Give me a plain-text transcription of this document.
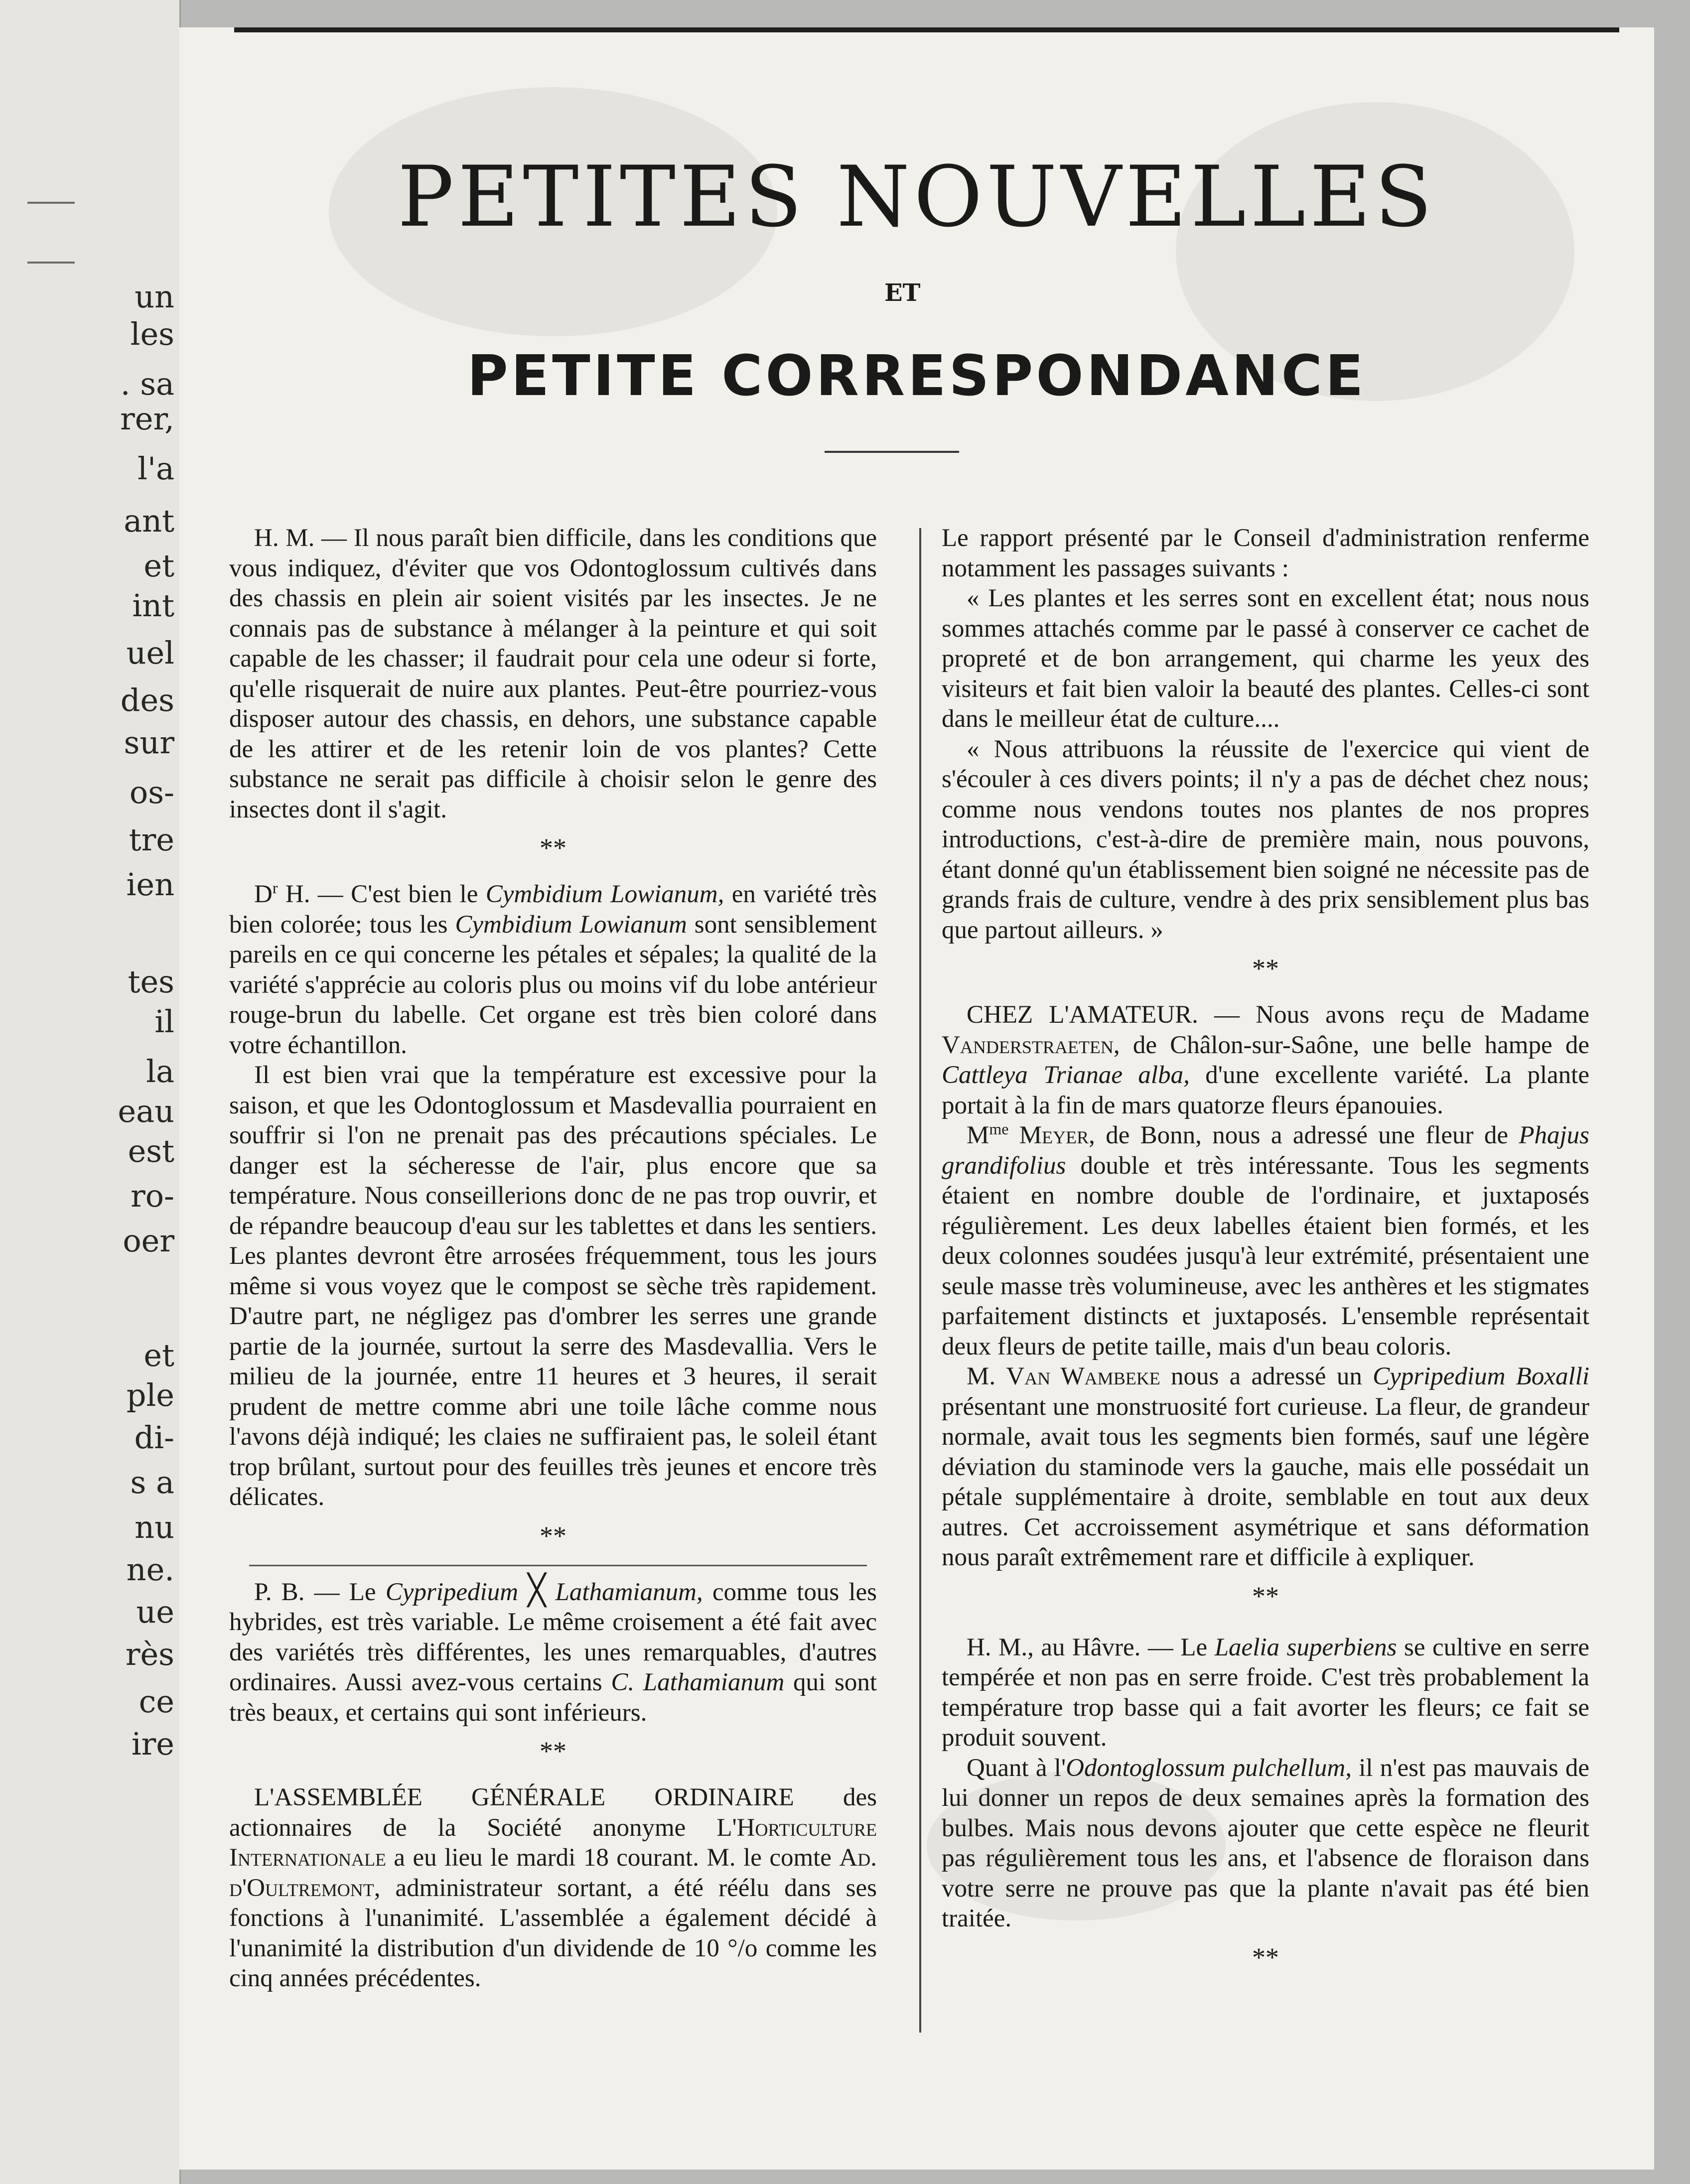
un
les
. sa
rer,
l'a
ant
et
int
uel
des
sur
os-
tre
ien
tes
il
la
eau
est
ro-
oer
et
ple
di-
s a
nu
ne.
ue
rès
ce
ire
PETITES NOUVELLES
ET
PETITE CORRESPONDANCE

H. M. — Il nous paraît bien difficile, dans les conditions que vous indiquez, d'éviter que vos Odontoglossum cultivés dans des chassis en plein air soient visités par les insectes. Je ne connais pas de substance à mélanger à la peinture et qui soit capable de les chasser; il faudrait pour cela une odeur si forte, qu'elle risquerait de nuire aux plantes. Peut-être pourriez-vous disposer autour des chassis, en dehors, une substance capable de les attirer et de les retenir loin de vos plantes? Cette substance ne serait pas difficile à choisir selon le genre des insectes dont il s'agit.

**

$D^r$ H. — C'est bien le Cymbidium Lowianum, en variété très bien colorée; tous les Cymbidium Lowianum sont sensiblement pareils en ce qui concerne les pétales et sépales; la qualité de la variété s'apprécie au coloris plus ou moins vif du lobe antérieur rouge-brun du labelle. Cet organe est très bien coloré dans votre échantillon.

Il est bien vrai que la température est excessive pour la saison, et que les Odontoglossum et Masdevallia pourraient en souffrir si l'on ne prenait pas des précautions spéciales. Le danger est la sécheresse de l'air, plus encore que sa température. Nous conseillerions donc de ne pas trop ouvrir, et de répandre beaucoup d'eau sur les tablettes et dans les sentiers. Les plantes devront être arrosées fréquemment, tous les jours même si vous voyez que le compost se sèche très rapidement. D'autre part, ne négligez pas d'ombrer les serres une grande partie de la journée, surtout la serre des Masdevallia. Vers le milieu de la journée, entre 11 heures et 3 heures, il serait prudent de mettre comme abri une toile lâche comme nous l'avons déjà indiqué; les claies ne suffiraient pas, le soleil étant trop brûlant, surtout pour des feuilles très jeunes et encore très délicates.

**

P. B. — Le Cypripedium ╳ Lathamianum, comme tous les hybrides, est très variable. Le même croisement a été fait avec des variétés très différentes, les unes remarquables, d'autres ordinaires. Aussi avez-vous certains C. Lathamianum qui sont très beaux, et certains qui sont inférieurs.

**

L'ASSEMBLÉE GÉNÉRALE ORDINAIRE des actionnaires de la Société anonyme L'Horticulture Internationale a eu lieu le mardi 18 courant. M. le comte Ad. d'Oultremont, administrateur sortant, a été réélu dans ses fonctions à l'unanimité. L'assemblée a également décidé à l'unanimité la distribution d'un dividende de 10 °/o comme les cinq années précédentes.

Le rapport présenté par le Conseil d'administration renferme notamment les passages suivants :

« Les plantes et les serres sont en excellent état; nous nous sommes attachés comme par le passé à conserver ce cachet de propreté et de bon arrangement, qui charme les yeux des visiteurs et fait bien valoir la beauté des plantes. Celles-ci sont dans le meilleur état de culture....

« Nous attribuons la réussite de l'exercice qui vient de s'écouler à ces divers points; il n'y a pas de déchet chez nous; comme nous vendons toutes nos plantes de nos propres introductions, c'est-à-dire de première main, nous pouvons, étant donné qu'un établissement bien soigné ne nécessite pas de grands frais de culture, vendre à des prix sensiblement plus bas que partout ailleurs. »

**

CHEZ L'AMATEUR. — Nous avons reçu de Madame Vanderstraeten, de Châlon-sur-Saône, une belle hampe de Cattleya Trianae alba, d'une excellente variété. La plante portait à la fin de mars quatorze fleurs épanouies.

$M^{me}$ Meyer, de Bonn, nous a adressé une fleur de Phajus grandifolius double et très intéressante. Tous les segments étaient en nombre double de l'ordinaire, et juxtaposés régulièrement. Les deux labelles étaient bien formés, et les deux colonnes soudées jusqu'à leur extrémité, présentaient une seule masse très volumineuse, avec les anthères et les stigmates parfaitement distincts et juxtaposés. L'ensemble représentait deux fleurs de petite taille, mais d'un beau coloris.

M. Van Wambeke nous a adressé un Cypripedium Boxalli présentant une monstruosité fort curieuse. La fleur, de grandeur normale, avait tous les segments bien formés, sauf une légère déviation du staminode vers la gauche, mais elle possédait un pétale supplémentaire à droite, semblable en tout aux deux autres. Cet accroissement asymétrique et sans déformation nous paraît extrêmement rare et difficile à expliquer.

**

H. M., au Hâvre. — Le Laelia superbiens se cultive en serre tempérée et non pas en serre froide. C'est très probablement la température trop basse qui a fait avorter les fleurs; ce fait se produit souvent.

Quant à l'Odontoglossum pulchellum, il n'est pas mauvais de lui donner un repos de deux semaines après la formation des bulbes. Mais nous devons ajouter que cette espèce ne fleurit pas régulièrement tous les ans, et l'absence de floraison dans votre serre ne prouve pas que la plante n'avait pas été bien traitée.

**
